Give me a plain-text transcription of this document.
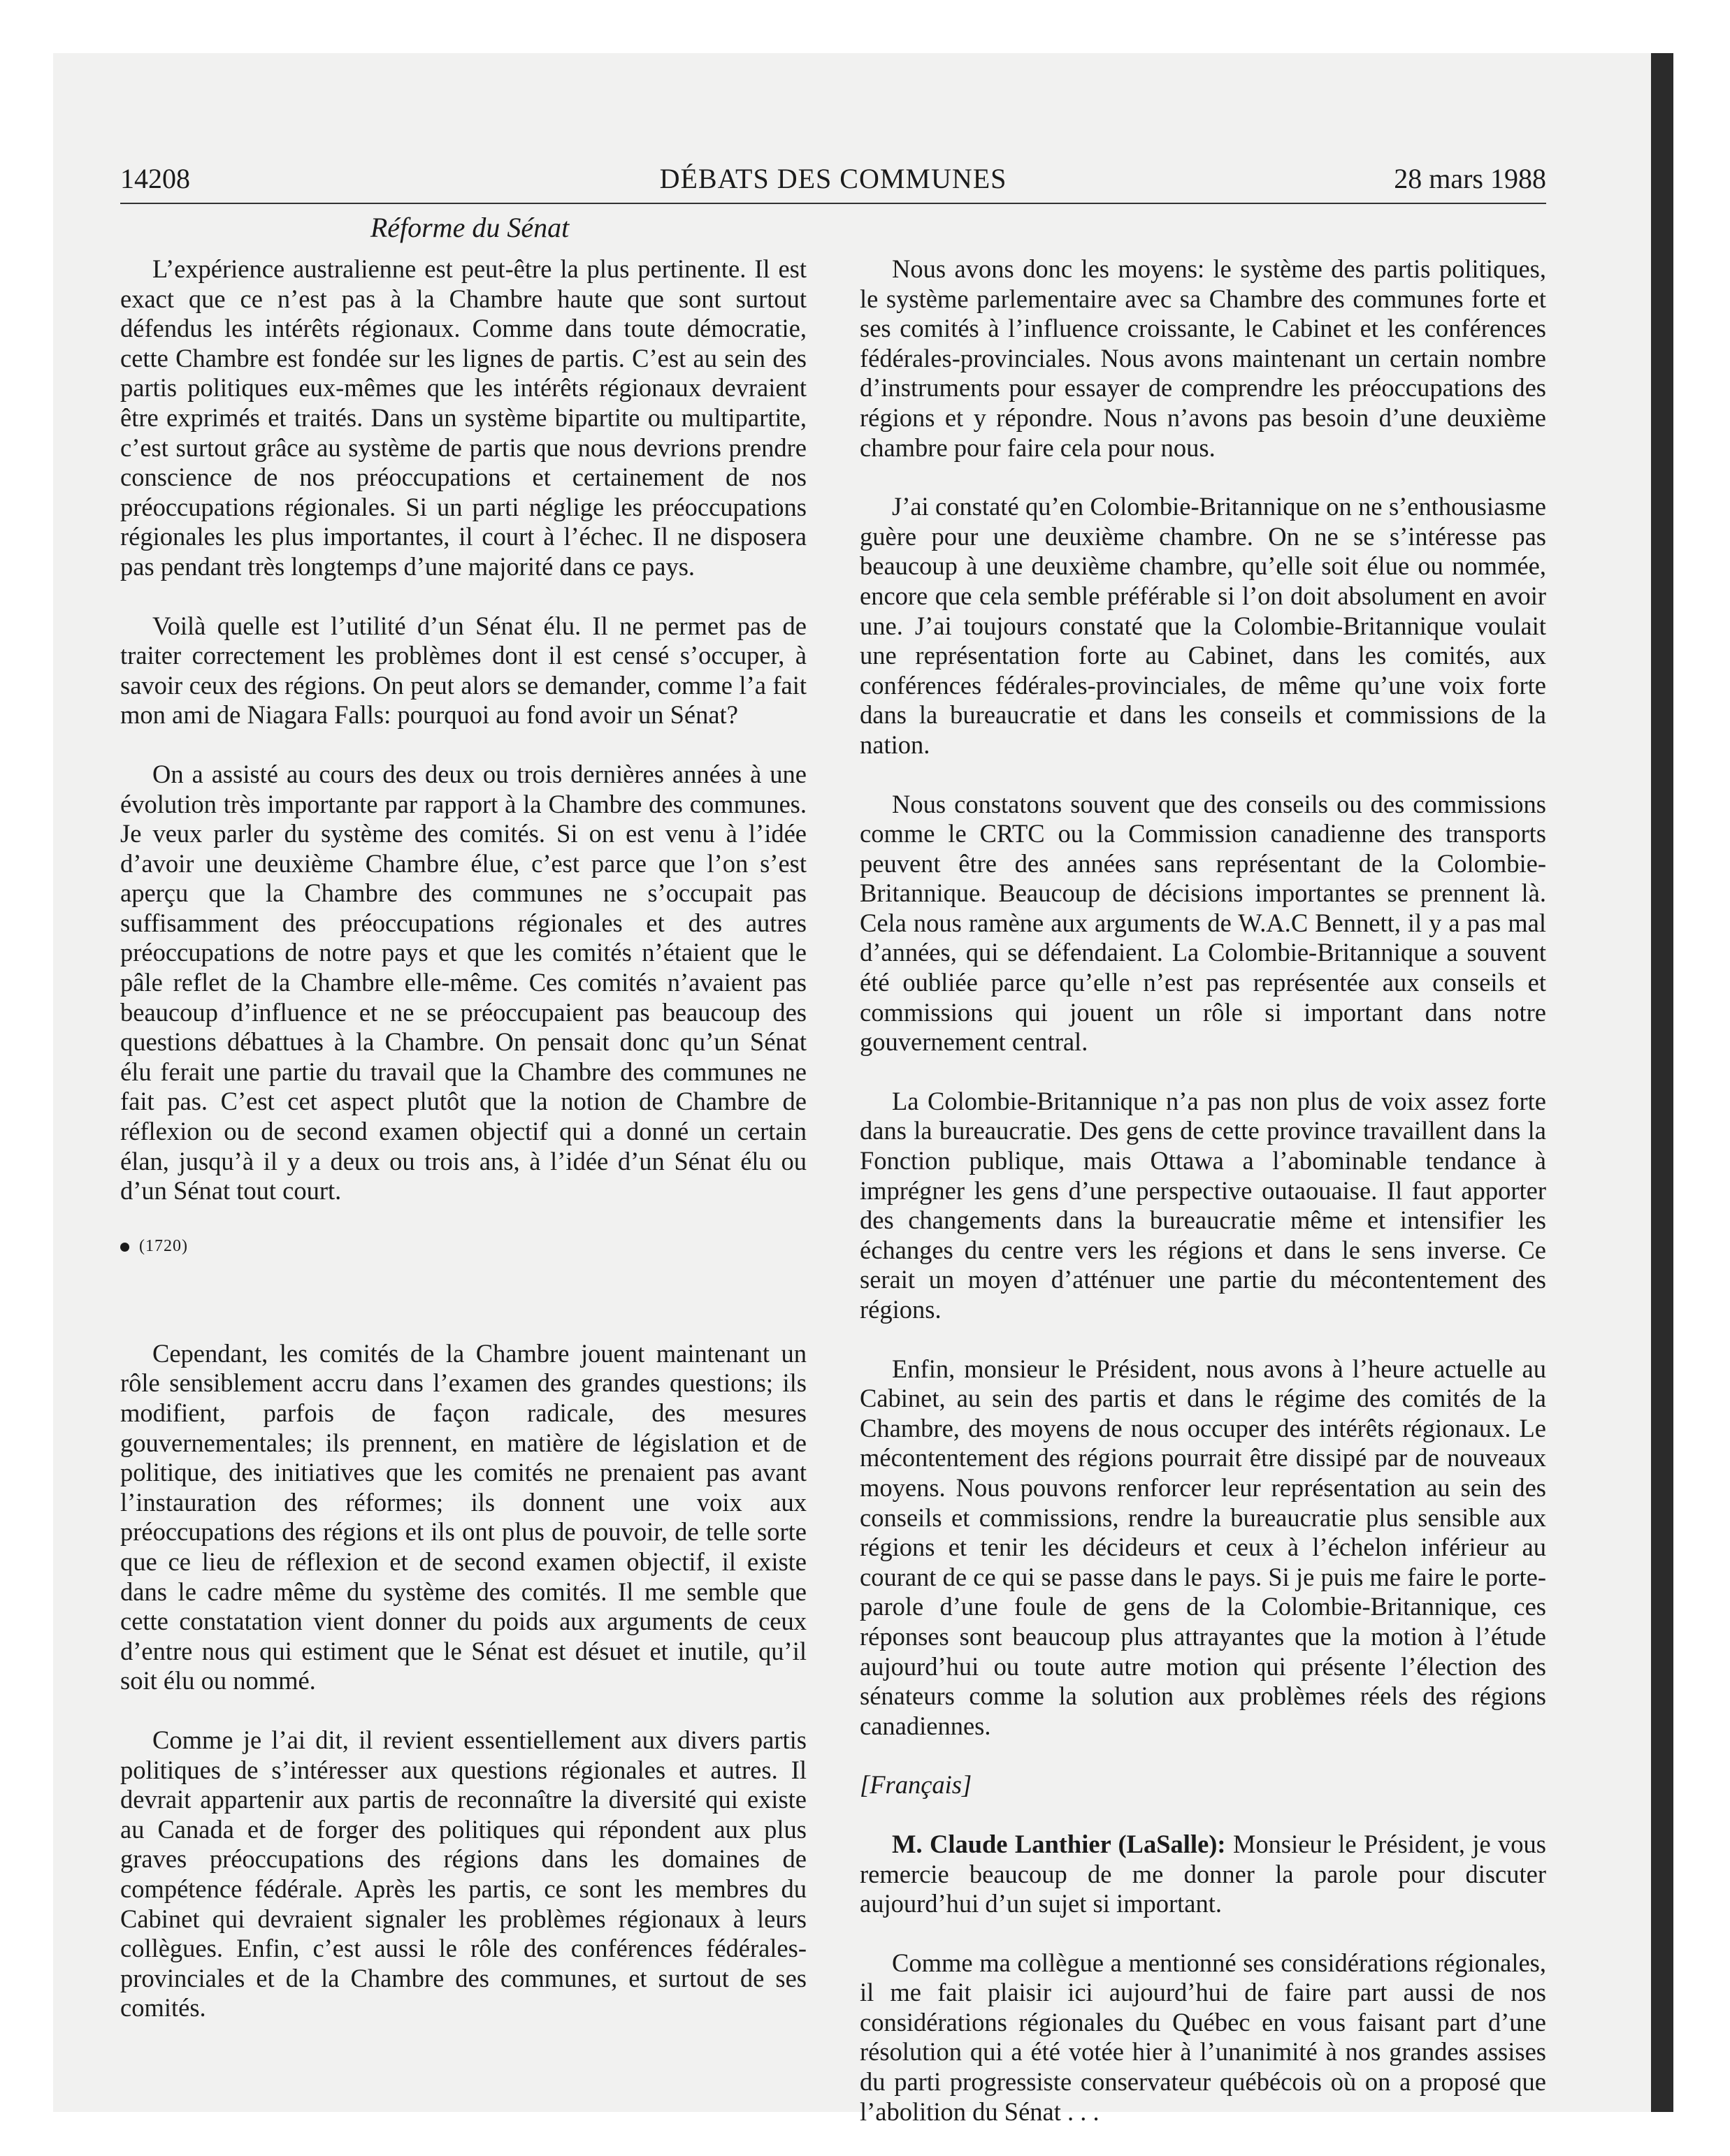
14208	DÉBATS DES COMMUNES	28 mars 1988
Réforme du Sénat

L’expérience australienne est peut-être la plus pertinente. Il est exact que ce n’est pas à la Chambre haute que sont surtout défendus les intérêts régionaux. Comme dans toute démocratie, cette Chambre est fondée sur les lignes de partis. C’est au sein des partis politiques eux-mêmes que les intérêts régionaux devraient être exprimés et traités. Dans un système bipartite ou multipartite, c’est surtout grâce au système de partis que nous devrions prendre conscience de nos préoccupations et certainement de nos préoccupations régionales. Si un parti néglige les préoccupations régionales les plus importantes, il court à l’échec. Il ne disposera pas pendant très longtemps d’une majorité dans ce pays.

Voilà quelle est l’utilité d’un Sénat élu. Il ne permet pas de traiter correctement les problèmes dont il est censé s’occuper, à savoir ceux des régions. On peut alors se demander, comme l’a fait mon ami de Niagara Falls: pourquoi au fond avoir un Sénat?

On a assisté au cours des deux ou trois dernières années à une évolution très importante par rapport à la Chambre des communes. Je veux parler du système des comités. Si on est venu à l’idée d’avoir une deuxième Chambre élue, c’est parce que l’on s’est aperçu que la Chambre des communes ne s’occupait pas suffisamment des préoccupations régionales et des autres préoccupations de notre pays et que les comités n’étaient que le pâle reflet de la Chambre elle-même. Ces comités n’avaient pas beaucoup d’influence et ne se préoccupaient pas beaucoup des questions débattues à la Chambre. On pensait donc qu’un Sénat élu ferait une partie du travail que la Chambre des communes ne fait pas. C’est cet aspect plutôt que la notion de Chambre de réflexion ou de second examen objectif qui a donné un certain élan, jusqu’à il y a deux ou trois ans, à l’idée d’un Sénat élu ou d’un Sénat tout court.

(1720)

Cependant, les comités de la Chambre jouent maintenant un rôle sensiblement accru dans l’examen des grandes questions; ils modifient, parfois de façon radicale, des mesures gouvernementales; ils prennent, en matière de législation et de politique, des initiatives que les comités ne prenaient pas avant l’instauration des réformes; ils donnent une voix aux préoccupations des régions et ils ont plus de pouvoir, de telle sorte que ce lieu de réflexion et de second examen objectif, il existe dans le cadre même du système des comités. Il me semble que cette constatation vient donner du poids aux arguments de ceux d’entre nous qui estiment que le Sénat est désuet et inutile, qu’il soit élu ou nommé.

Comme je l’ai dit, il revient essentiellement aux divers partis politiques de s’intéresser aux questions régionales et autres. Il devrait appartenir aux partis de reconnaître la diversité qui existe au Canada et de forger des politiques qui répondent aux plus graves préoccupations des régions dans les domaines de compétence fédérale. Après les partis, ce sont les membres du Cabinet qui devraient signaler les problèmes régionaux à leurs collègues. Enfin, c’est aussi le rôle des conférences fédérales-provinciales et de la Chambre des communes, et surtout de ses comités.

Nous avons donc les moyens: le système des partis politiques, le système parlementaire avec sa Chambre des communes forte et ses comités à l’influence croissante, le Cabinet et les conférences fédérales-provinciales. Nous avons maintenant un certain nombre d’instruments pour essayer de comprendre les préoccupations des régions et y répondre. Nous n’avons pas besoin d’une deuxième chambre pour faire cela pour nous.

J’ai constaté qu’en Colombie-Britannique on ne s’enthousiasme guère pour une deuxième chambre. On ne se s’intéresse pas beaucoup à une deuxième chambre, qu’elle soit élue ou nommée, encore que cela semble préférable si l’on doit absolument en avoir une. J’ai toujours constaté que la Colombie-Britannique voulait une représentation forte au Cabinet, dans les comités, aux conférences fédérales-provinciales, de même qu’une voix forte dans la bureaucratie et dans les conseils et commissions de la nation.

Nous constatons souvent que des conseils ou des commissions comme le CRTC ou la Commission canadienne des transports peuvent être des années sans représentant de la Colombie-Britannique. Beaucoup de décisions importantes se prennent là. Cela nous ramène aux arguments de W.A.C Bennett, il y a pas mal d’années, qui se défendaient. La Colombie-Britannique a souvent été oubliée parce qu’elle n’est pas représentée aux conseils et commissions qui jouent un rôle si important dans notre gouvernement central.

La Colombie-Britannique n’a pas non plus de voix assez forte dans la bureaucratie. Des gens de cette province travaillent dans la Fonction publique, mais Ottawa a l’abominable tendance à imprégner les gens d’une perspective outaouaise. Il faut apporter des changements dans la bureaucratie même et intensifier les échanges du centre vers les régions et dans le sens inverse. Ce serait un moyen d’atténuer une partie du mécontentement des régions.

Enfin, monsieur le Président, nous avons à l’heure actuelle au Cabinet, au sein des partis et dans le régime des comités de la Chambre, des moyens de nous occuper des intérêts régionaux. Le mécontentement des régions pourrait être dissipé par de nouveaux moyens. Nous pouvons renforcer leur représentation au sein des conseils et commissions, rendre la bureaucratie plus sensible aux régions et tenir les décideurs et ceux à l’échelon inférieur au courant de ce qui se passe dans le pays. Si je puis me faire le porte-parole d’une foule de gens de la Colombie-Britannique, ces réponses sont beaucoup plus attrayantes que la motion à l’étude aujourd’hui ou toute autre motion qui présente l’élection des sénateurs comme la solution aux problèmes réels des régions canadiennes.

[Français]

M. Claude Lanthier (LaSalle): Monsieur le Président, je vous remercie beaucoup de me donner la parole pour discuter aujourd’hui d’un sujet si important.

Comme ma collègue a mentionné ses considérations régionales, il me fait plaisir ici aujourd’hui de faire part aussi de nos considérations régionales du Québec en vous faisant part d’une résolution qui a été votée hier à l’unanimité à nos grandes assises du parti progressiste conservateur québécois où on a proposé que l’abolition du Sénat . . .
